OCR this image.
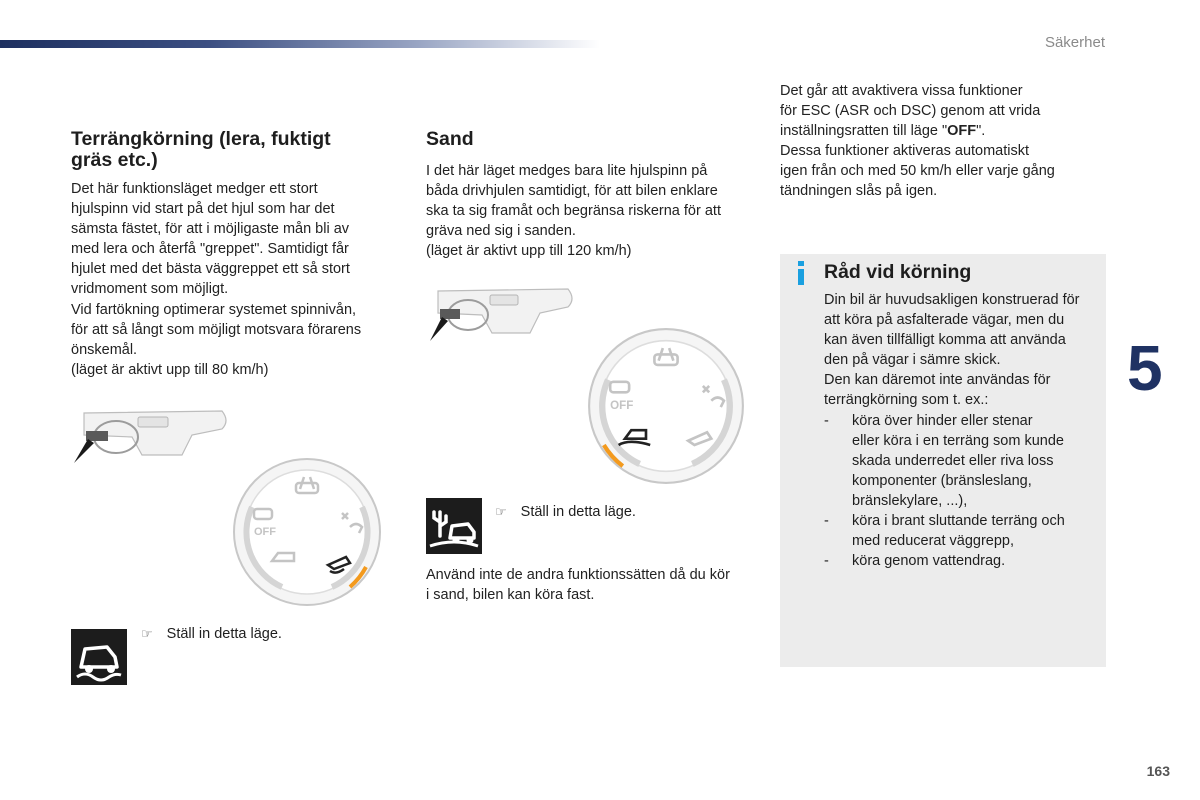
Säkerhet
Terrängkörning (lera, fuktigt
gräs etc.)
Det här funktionsläget medger ett stort
hjulspinn vid start på det hjul som har det
sämsta fästet, för att i möjligaste mån bli av
med lera och återfå "greppet". Samtidigt får
hjulet med det bästa väggreppet ett så stort
vridmoment som möjligt.
Vid fartökning optimerar systemet spinnivån,
för att så långt som möjligt motsvara förarens
önskemål.
(läget är aktivt upp till 80 km/h)
OFF
☞ Ställ in detta läge.
Sand
I det här läget medges bara lite hjulspinn på
båda drivhjulen samtidigt, för att bilen enklare
ska ta sig framåt och begränsa riskerna för att
gräva ned sig i sanden.
(läget är aktivt upp till 120 km/h)
OFF
☞ Ställ in detta läge.
Använd inte de andra funktionssätten då du kör
i sand, bilen kan köra fast.
Det går att avaktivera vissa funktioner
för ESC (ASR och DSC) genom att vrida
inställningsratten till läge "OFF".
Dessa funktioner aktiveras automatiskt
igen från och med 50 km/h eller varje gång
tändningen slås på igen.
Råd vid körning
Din bil är huvudsakligen konstruerad för
att köra på asfalterade vägar, men du
kan även tillfälligt komma att använda
den på vägar i sämre skick.
Den kan däremot inte användas för
terrängkörning som t. ex.:
- köra över hinder eller stenar
eller köra i en terräng som kunde
skada underredet eller riva loss
komponenter (bränsleslang,
bränslekylare, ...),
- köra i brant sluttande terräng och
med reducerat väggrepp,
- köra genom vattendrag.
5
163
